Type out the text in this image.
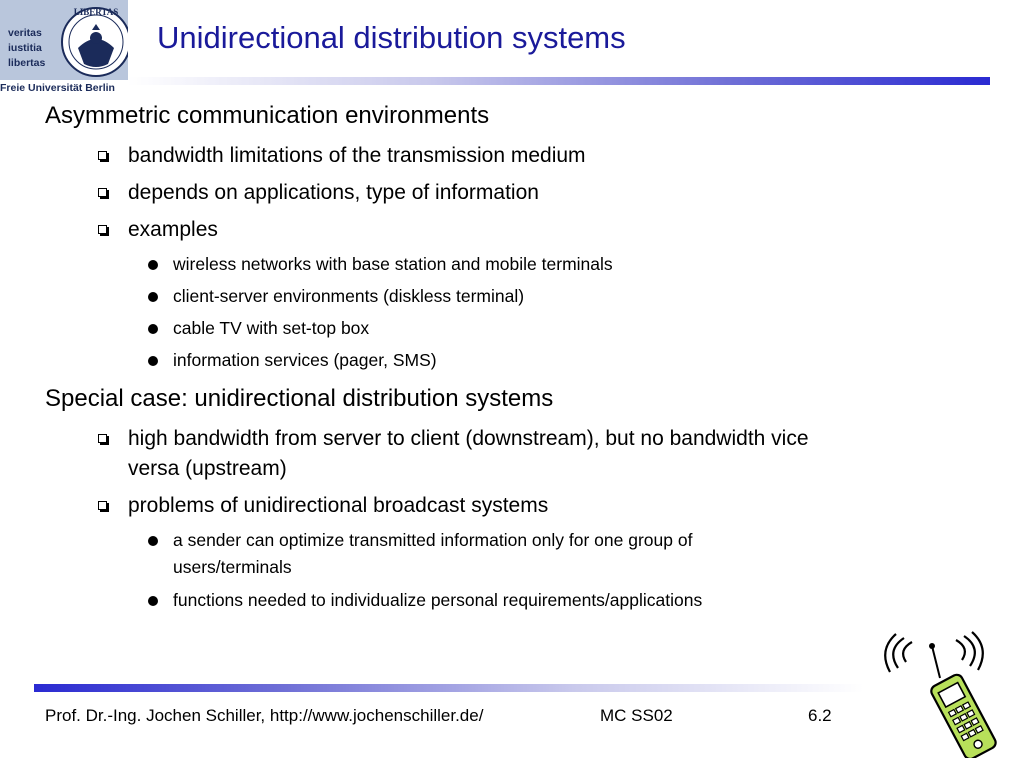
veritas
iustitia
libertas
LIBERTAS
Freie Universität Berlin
Unidirectional distribution systems
Asymmetric communication environments
bandwidth limitations of the transmission medium
depends on applications, type of information
examples
wireless networks with base station and mobile terminals
client-server environments (diskless terminal)
cable TV with set-top box
information services (pager, SMS)
Special case: unidirectional distribution systems
high bandwidth from server to client (downstream), but no bandwidth vice
versa (upstream)
problems of unidirectional broadcast systems
a sender can optimize transmitted information only for one group of
users/terminals
functions needed to individualize personal requirements/applications
Prof. Dr.-Ing. Jochen Schiller, http://www.jochenschiller.de/	MC SS02	6.2
